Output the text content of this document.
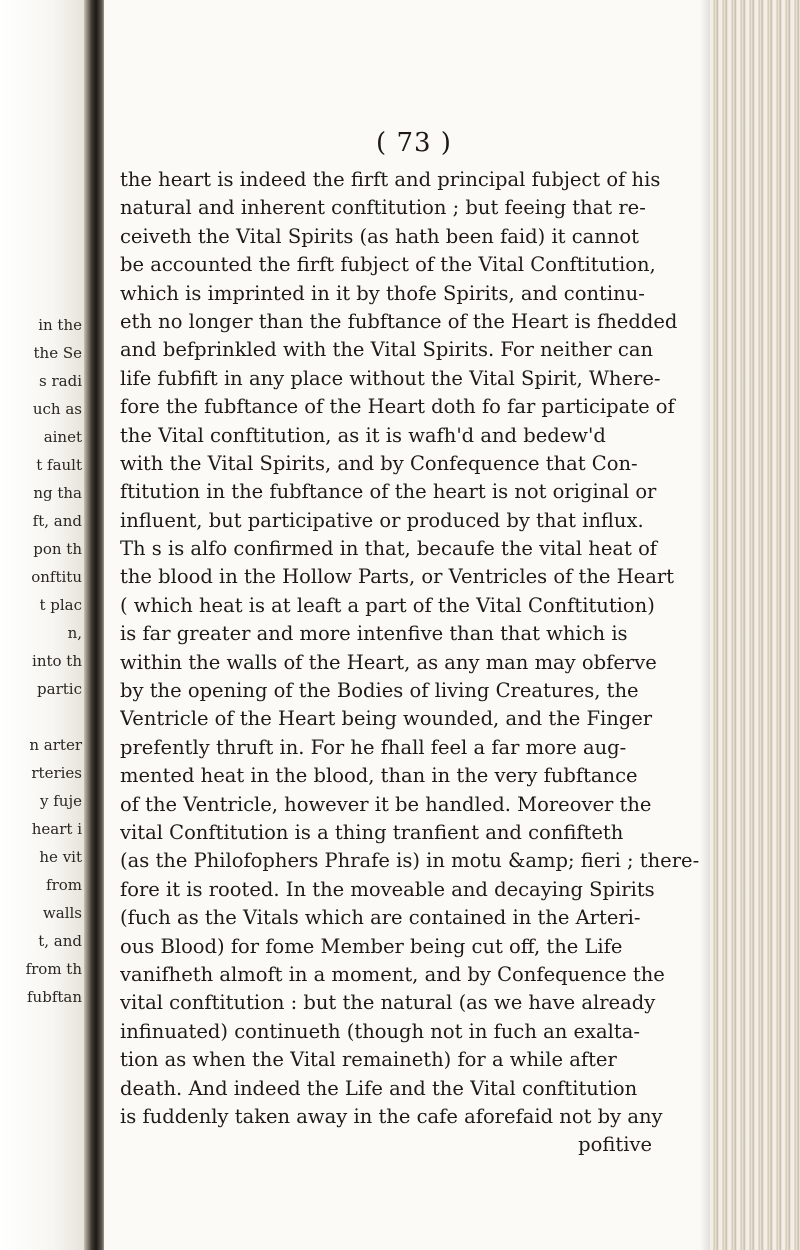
in the
the Se
s radi
uch as
ainet
t fault
ng tha
ft, and
pon th
onftitu
t plac
n,
into th
partic
n arter
rteries
y fuje
heart i
he vit
from
walls
t, and
from th
fubftan

( 73 )

the heart is indeed the firft and principal fubject of his
natural and inherent conftitution ; but feeing that re-
ceiveth the Vital Spirits (as hath been faid) it cannot
be accounted the firft fubject of the Vital Conftitution,
which is imprinted in it by thofe Spirits, and continu-
eth no longer than the fubftance of the Heart is fhedded
and befprinkled with the Vital Spirits. For neither can
life fubfift in any place without the Vital Spirit, Where-
fore the fubftance of the Heart doth fo far participate of
the Vital conftitution, as it is wafh'd and bedew'd
with the Vital Spirits, and by Confequence that Con-
ftitution in the fubftance of the heart is not original or
influent, but participative or produced by that influx.
Th s is alfo confirmed in that, becaufe the vital heat of
the blood in the Hollow Parts, or Ventricles of the Heart
( which heat is at leaft a part of the Vital Conftitution)
is far greater and more intenfive than that which is
within the walls of the Heart, as any man may obferve
by the opening of the Bodies of living Creatures, the
Ventricle of the Heart being wounded, and the Finger
prefently thruft in. For he fhall feel a far more aug-
mented heat in the blood, than in the very fubftance
of the Ventricle, however it be handled. Moreover the
vital Conftitution is a thing tranfient and confifteth
(as the Philofophers Phrafe is) in motu &amp; fieri ; there-
fore it is rooted. In the moveable and decaying Spirits
(fuch as the Vitals which are contained in the Arteri-
ous Blood) for fome Member being cut off, the Life
vanifheth almoft in a moment, and by Confequence the
vital conftitution : but the natural (as we have already
infinuated) continueth (though not in fuch an exalta-
tion as when the Vital remaineth) for a while after
death. And indeed the Life and the Vital conftitution
is fuddenly taken away in the cafe aforefaid not by any
pofitive
